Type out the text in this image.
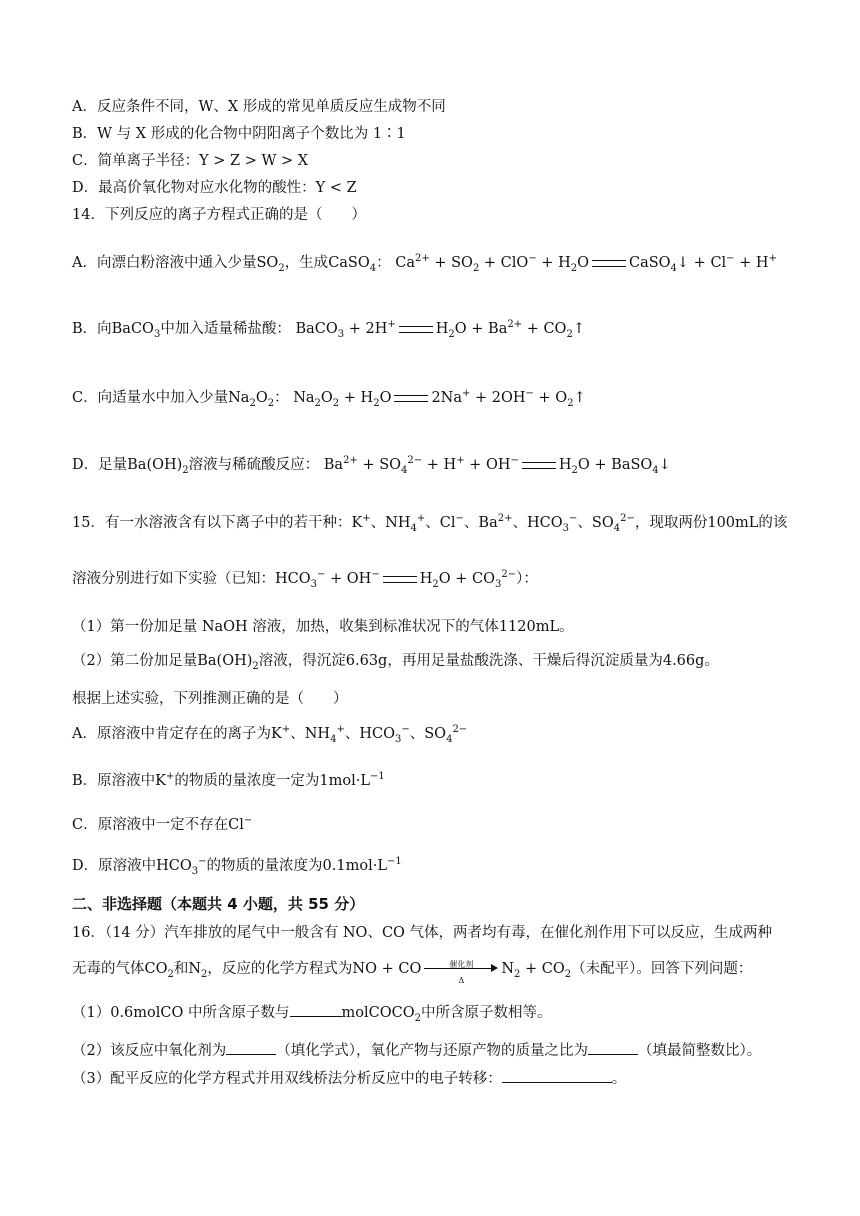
A．反应条件不同，W、X 形成的常见单质反应生成物不同
B．W 与 X 形成的化合物中阴阳离子个数比为 1∶1
C．简单离子半径：Y > Z > W > X
D．最高价氧化物对应水化物的酸性：Y < Z
14．下列反应的离子方程式正确的是（　　）
A．向漂白粉溶液中通入少量$SO_2$，生成CaSO$_4$： $Ca^{2+} + SO_2 + ClO^- + H_2O$	CaSO$_4$↓ + Cl− + H+
B．向BaCO$_3$中加入适量稀盐酸： BaCO$_3$ + 2H+	$H_2O + Ba^{2+}$ + $CO_2↑$
C．向适量水中加入少量$Na_2O_2$： $Na_2O_2 + H_2O$	$2Na^+ + 2OH^- + O_2↑$
D．足量$Ba(OH)_2$溶液与稀硫酸反应： $Ba^{2+} + SO_4^{2-} + H^+ + OH^-$	$H_2O$ + BaSO$_4$↓
15．有一水溶液含有以下离子中的若干种：K+、$NH_4^+$、Cl−、$Ba^{2+}$、$HCO_3^-$、$SO_4^{2-}$，现取两份100mL的该
溶液分别进行如下实验（已知：$HCO_3^- + OH^-$	$H_2O + CO_3^{2-}$）：
（1）第一份加足量 NaOH 溶液，加热，收集到标准状况下的气体1120mL。
（2）第二份加足量$Ba(OH)_2$溶液，得沉淀6.63g，再用足量盐酸洗涤、干燥后得沉淀质量为4.66g。
根据上述实验，下列推测正确的是（　　）
A．原溶液中肯定存在的离子为K+、$NH_4^+$、$HCO_3^-$、$SO_4^{2-}$
B．原溶液中K+的物质的量浓度一定为$1mol\cdot L^{-1}$
C．原溶液中一定不存在Cl−
D．原溶液中$HCO_3^-$的物质的量浓度为$0.1mol\cdot L^{-1}$
二、非选择题（本题共 4 小题，共 55 分）
16．（14 分）汽车排放的尾气中一般含有 NO、CO 气体，两者均有毒，在催化剂作用下可以反应，生成两种
无毒的气体$CO_2$和$N_2$，反应的化学方程式为NO + CO	催化剂
Δ
$N_2 + CO_2$（未配平）。回答下列问题：
（1）0.6molCO 中所含原子数与	molCOCO$_2$中所含原子数相等。
（2）该反应中氧化剂为	（填化学式），氧化产物与还原产物的质量之比为	（填最简整数比）。
（3）配平反应的化学方程式并用双线桥法分析反应中的电子转移：	。
